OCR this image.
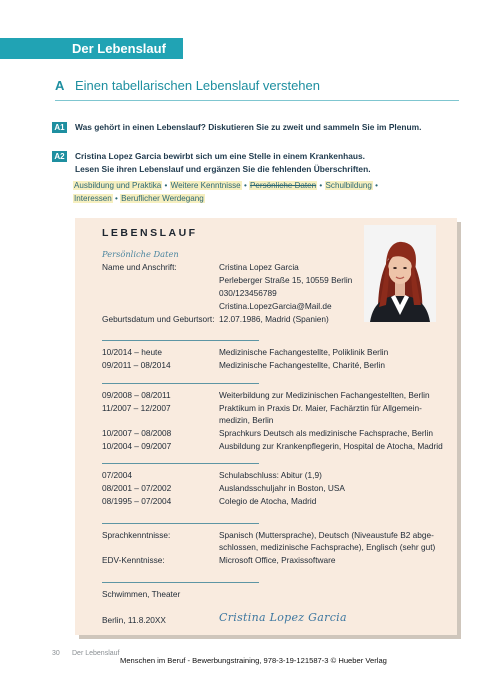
Der Lebenslauf
A Einen tabellarischen Lebenslauf verstehen
A1 Was gehört in einen Lebenslauf? Diskutieren Sie zu zweit und sammeln Sie im Plenum.
A2 Cristina Lopez Garcia bewirbt sich um eine Stelle in einem Krankenhaus.
Lesen Sie ihren Lebenslauf und ergänzen Sie die fehlenden Überschriften.
Ausbildung und Praktika • Weitere Kenntnisse • Persönliche Daten • Schulbildung •
Interessen • Beruflicher Werdegang
LEBENSLAUF
Persönliche Daten
Name und Anschrift:	Cristina Lopez Garcia
Perleberger Straße 15, 10559 Berlin
030/123456789
Cristina.LopezGarcia@Mail.de
Geburtsdatum und Geburtsort: 12.07.1986, Madrid (Spanien)
10/2014 – heute	Medizinische Fachangestellte, Poliklinik Berlin
09/2011 – 08/2014	Medizinische Fachangestellte, Charité, Berlin
09/2008 – 08/2011	Weiterbildung zur Medizinischen Fachangestellten, Berlin
11/2007 – 12/2007	Praktikum in Praxis Dr. Maier, Fachärztin für Allgemein-
medizin, Berlin
10/2007 – 08/2008	Sprachkurs Deutsch als medizinische Fachsprache, Berlin
10/2004 – 09/2007	Ausbildung zur Krankenpflegerin, Hospital de Atocha, Madrid
07/2004	Schulabschluss: Abitur (1,9)
08/2001 – 07/2002	Auslandsschuljahr in Boston, USA
08/1995 – 07/2004	Colegio de Atocha, Madrid
Sprachkenntnisse:	Spanisch (Muttersprache), Deutsch (Niveaustufe B2 abge-
schlossen, medizinische Fachsprache), Englisch (sehr gut)
EDV-Kenntnisse:	Microsoft Office, Praxissoftware
Schwimmen, Theater
Berlin, 11.8.20XX	Cristina Lopez Garcia
30 Der Lebenslauf
Menschen im Beruf - Bewerbungstraining, 978-3-19-121587-3 © Hueber Verlag
